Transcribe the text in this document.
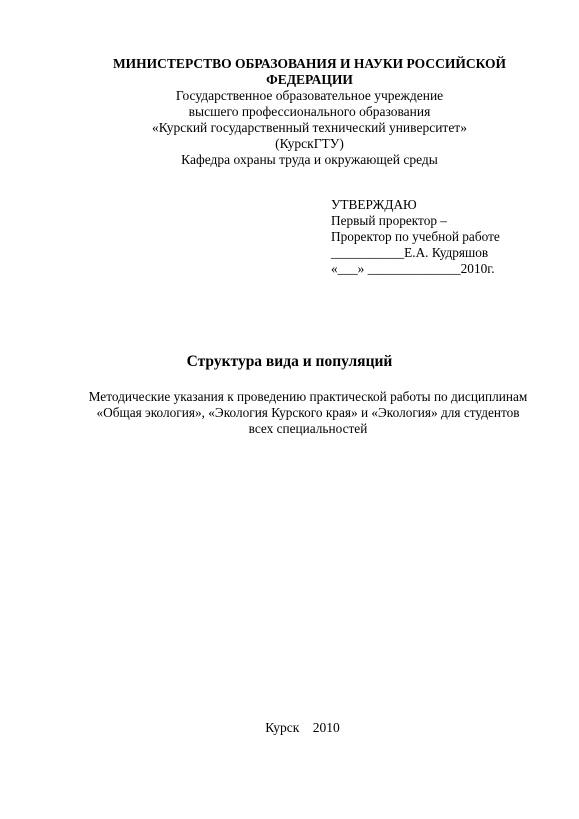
МИНИСТЕРСТВО ОБРАЗОВАНИЯ И НАУКИ РОССИЙСКОЙ
ФЕДЕРАЦИИ
Государственное образовательное учреждение
высшего профессионального образования
«Курский государственный технический университет»
(КурскГТУ)
Кафедра охраны труда и окружающей среды
УТВЕРЖДАЮ
Первый проректор –
Проректор по учебной работе
___________Е.А. Кудряшов
«___» ______________2010г.
Структура вида и популяций
Методические указания к проведению практической работы по дисциплинам
«Общая экология», «Экология Курского края» и «Экология» для студентов
всех специальностей
Курск    2010
